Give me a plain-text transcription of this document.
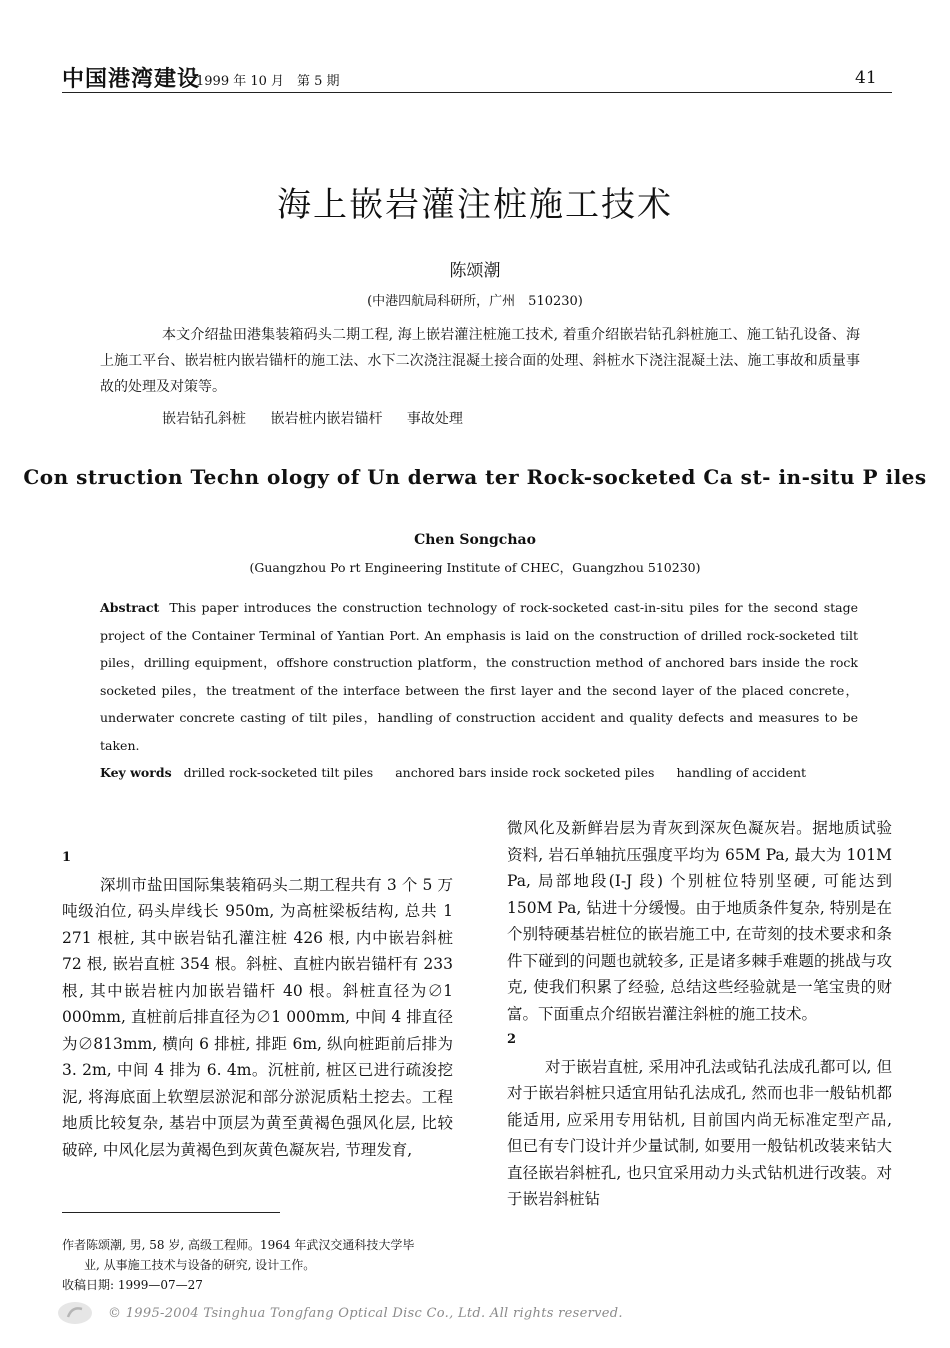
中国港湾建设
1999 年 10 月　第 5 期	41
海上嵌岩灌注桩施工技术
陈颂潮
(中港四航局科研所，广州　510230)
本文介绍盐田港集装箱码头二期工程, 海上嵌岩灌注桩施工技术, 着重介绍嵌岩钻孔斜桩施工、施工钻孔设备、海上施工平台、嵌岩桩内嵌岩锚杆的施工法、水下二次浇注混凝土接合面的处理、斜桩水下浇注混凝土法、施工事故和质量事故的处理及对策等。
嵌岩钻孔斜桩 嵌岩桩内嵌岩锚杆 事故处理
Con struction Techn ology of Un derwa ter Rock-socketed Ca st- in-situ P iles
Chen Songchao
(Guangzhou Po rt Engineering Institute of CHEC，Guangzhou 510230)
Abstract This paper introduces the construction technology of rock-socketed cast-in-situ piles for the second stage project of the Container Terminal of Yantian Port. An emphasis is laid on the construction of drilled rock-socketed tilt piles，drilling equipment，offshore construction platform，the construction method of anchored bars inside the rock socketed piles，the treatment of the interface between the first layer and the second layer of the placed concrete，underwater concrete casting of tilt piles，handling of construction accident and quality defects and measures to be taken.
Key words drilled rock-socketed tilt piles anchored bars inside rock socketed piles handling of accident
1

深圳市盐田国际集装箱码头二期工程共有 3 个 5 万吨级泊位, 码头岸线长 950m, 为高桩梁板结构, 总共 1 271 根桩, 其中嵌岩钻孔灌注桩 426 根, 内中嵌岩斜桩 72 根, 嵌岩直桩 354 根。斜桩、直桩内嵌岩锚杆有 233 根, 其中嵌岩桩内加嵌岩锚杆 40 根。斜桩直径为∅1 000mm, 直桩前后排直径为∅1 000mm, 中间 4 排直径为∅813mm, 横向 6 排桩, 排距 6m, 纵向桩距前后排为 3. 2m, 中间 4 排为 6. 4m。沉桩前, 桩区已进行疏浚挖泥, 将海底面上软塑层淤泥和部分淤泥质粘土挖去。工程地质比较复杂, 基岩中顶层为黄至黄褐色强风化层, 比较破碎, 中风化层为黄褐色到灰黄色凝灰岩, 节理发育,

微风化及新鲜岩层为青灰到深灰色凝灰岩。据地质试验资料, 岩石单轴抗压强度平均为 65M Pa, 最大为 101M Pa, 局部地段(I-J 段) 个别桩位特别坚硬, 可能达到 150M Pa, 钻进十分缓慢。由于地质条件复杂, 特别是在个别特硬基岩桩位的嵌岩施工中, 在苛刻的技术要求和条件下碰到的问题也就较多, 正是诸多棘手难题的挑战与攻克, 使我们积累了经验, 总结这些经验就是一笔宝贵的财富。下面重点介绍嵌岩灌注斜桩的施工技术。

2

对于嵌岩直桩, 采用冲孔法或钻孔法成孔都可以, 但对于嵌岩斜桩只适宜用钻孔法成孔, 然而也非一般钻机都能适用, 应采用专用钻机, 目前国内尚无标准定型产品, 但已有专门设计并少量试制, 如要用一般钻机改装来钻大直径嵌岩斜桩孔, 也只宜采用动力头式钻机进行改装。对于嵌岩斜桩钻

作者陈颂潮, 男, 58 岁, 高级工程师。1964 年武汉交通科技大学毕
业, 从事施工技术与设备的研究, 设计工作。
收稿日期: 1999—07—27
© 1995-2004 Tsinghua Tongfang Optical Disc Co., Ltd. All rights reserved.
